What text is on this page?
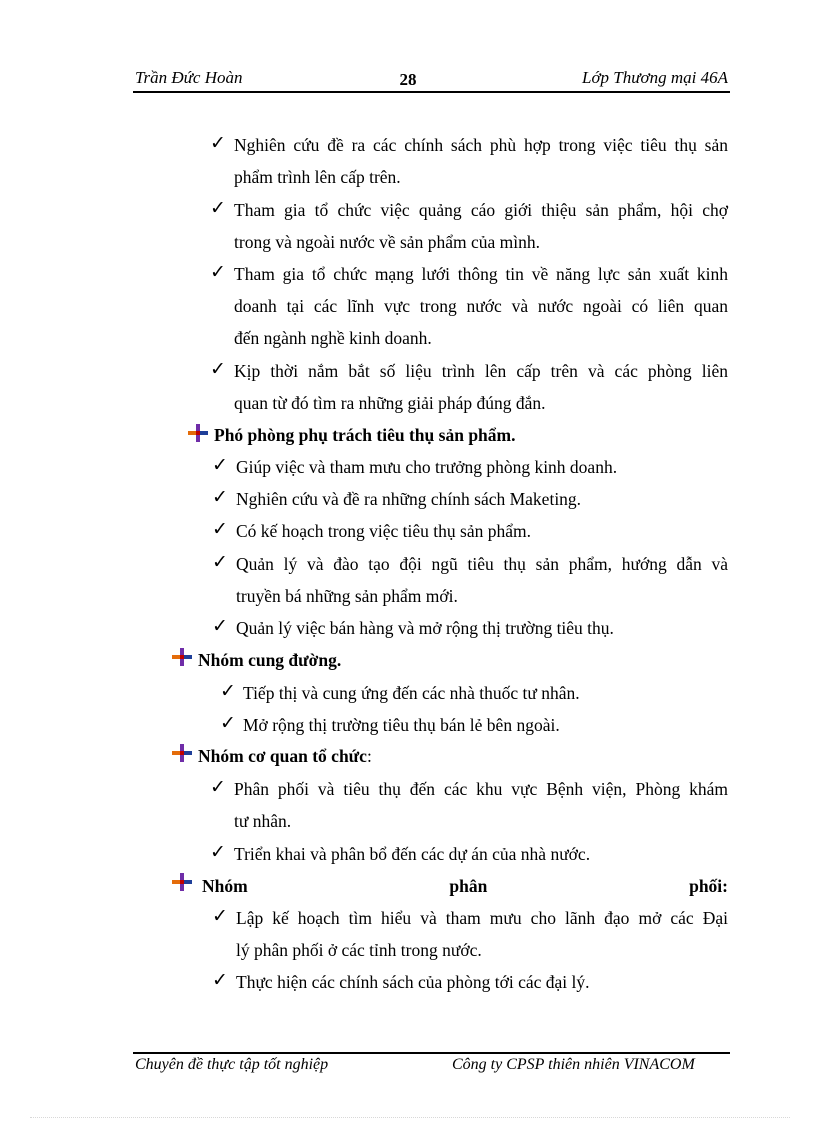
Trần Đức Hoàn	28	Lớp Thương mại 46A
✓ Nghiên cứu đề ra các chính sách phù hợp trong việc tiêu thụ sản
phẩm trình lên cấp trên.
✓ Tham gia tổ chức việc quảng cáo giới thiệu sản phẩm, hội chợ
trong và ngoài nước về sản phẩm của mình.
✓ Tham gia tổ chức mạng lưới thông tin về năng lực sản xuất kinh
doanh tại các lĩnh vực trong nước và nước ngoài có liên quan
đến ngành nghề kinh doanh.
✓ Kịp thời nắm bắt số liệu trình lên cấp trên và các phòng liên
quan từ đó tìm ra những giải pháp đúng đắn.
Phó phòng phụ trách tiêu thụ sản phẩm.
✓ Giúp việc và tham mưu cho trưởng phòng kinh doanh.
✓ Nghiên cứu và đề ra những chính sách Maketing.
✓ Có kế hoạch trong việc tiêu thụ sản phẩm.
✓ Quản lý và đào tạo đội ngũ tiêu thụ sản phẩm, hướng dẫn và
truyền bá những sản phẩm mới.
✓ Quản lý việc bán hàng và mở rộng thị trường tiêu thụ.
Nhóm cung đường.
✓ Tiếp thị và cung ứng đến các nhà thuốc tư nhân.
✓ Mở rộng thị trường tiêu thụ bán lẻ bên ngoài.
Nhóm cơ quan tổ chức:
✓ Phân phối và tiêu thụ đến các khu vực Bệnh viện, Phòng khám
tư nhân.
✓ Triển khai và phân bổ đến các dự án của nhà nước.
Nhóm phân phối:
✓ Lập kế hoạch tìm hiểu và tham mưu cho lãnh đạo mở các Đại
lý phân phối ở các tỉnh trong nước.
✓ Thực hiện các chính sách của phòng tới các đại lý.
Chuyên đề thực tập tốt nghiệp	Công ty CPSP thiên nhiên VINACOM
